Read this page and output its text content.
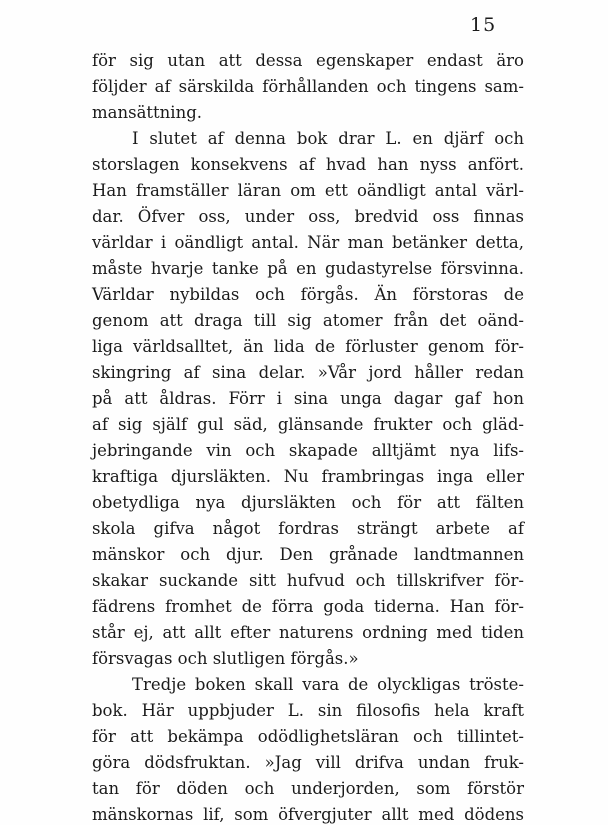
15
för sig utan att dessa egenskaper endast äro
följder af särskilda förhållanden och tingens sam-
mansättning.
I slutet af denna bok drar L. en djärf och
storslagen konsekvens af hvad han nyss anfört.
Han framställer läran om ett oändligt antal värl-
dar. Öfver oss, under oss, bredvid oss finnas
världar i oändligt antal. När man betänker detta,
måste hvarje tanke på en gudastyrelse försvinna.
Världar nybildas och förgås. Än förstoras de
genom att draga till sig atomer från det oänd-
liga världsalltet, än lida de förluster genom för-
skingring af sina delar. »Vår jord håller redan
på att åldras. Förr i sina unga dagar gaf hon
af sig själf gul säd, glänsande frukter och gläd-
jebringande vin och skapade alltjämt nya lifs-
kraftiga djursläkten. Nu frambringas inga eller
obetydliga nya djursläkten och för att fälten
skola gifva något fordras strängt arbete af
mänskor och djur. Den grånade landtmannen
skakar suckande sitt hufvud och tillskrifver för-
fädrens fromhet de förra goda tiderna. Han för-
står ej, att allt efter naturens ordning med tiden
försvagas och slutligen förgås.»
Tredje boken skall vara de olyckligas tröste-
bok. Här uppbjuder L. sin filosofis hela kraft
för att bekämpa odödlighetsläran och tillintet-
göra dödsfruktan. »Jag vill drifva undan fruk-
tan för döden och underjorden, som förstör
mänskornas lif, som öfvergjuter allt med dödens
